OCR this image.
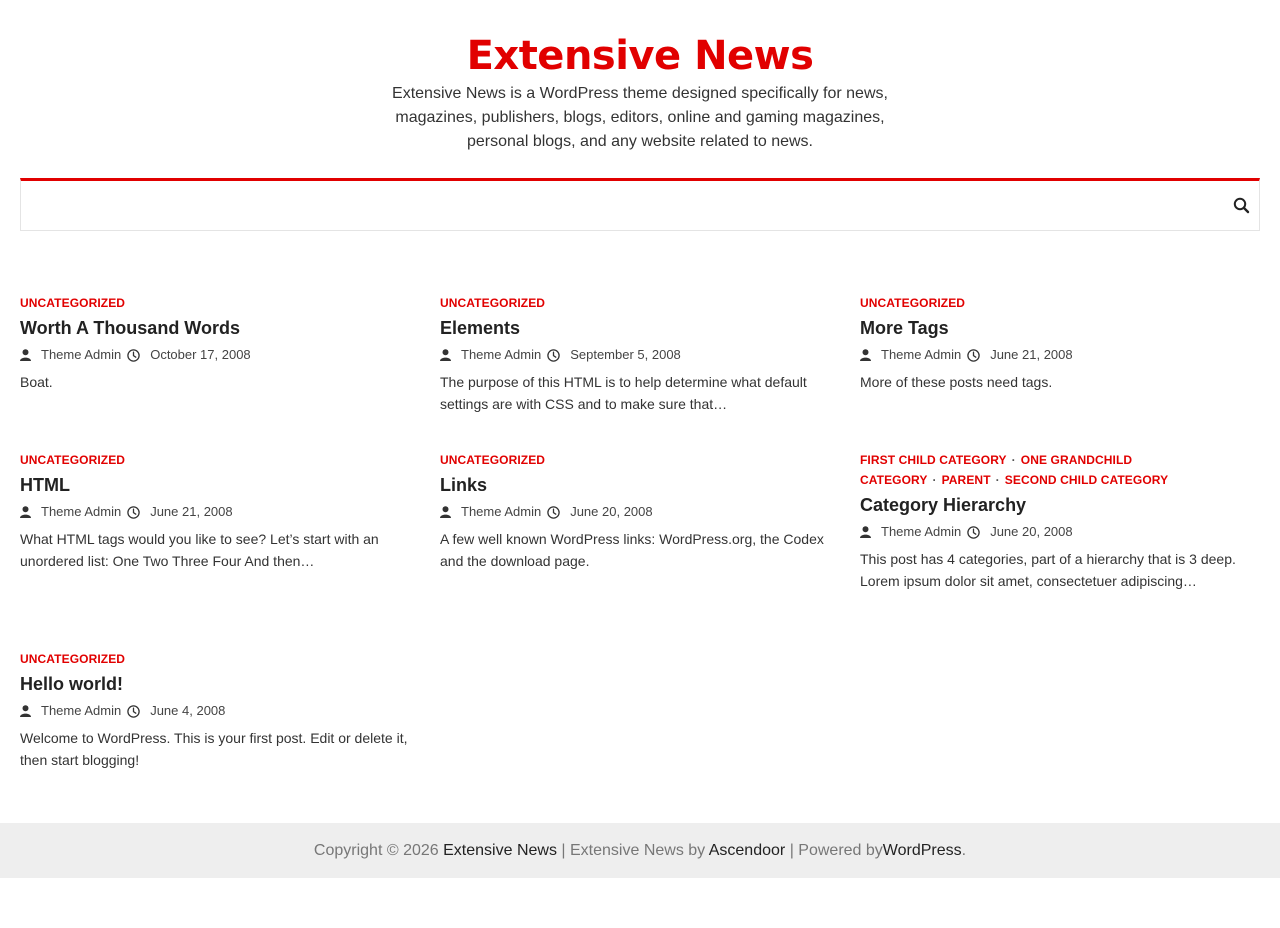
Extensive News
Extensive News is a WordPress theme designed specifically for news, magazines, publishers, blogs, editors, online and gaming magazines, personal blogs, and any website related to news.
UNCATEGORIZED
Worth A Thousand Words
Theme Admin October 17, 2008
Boat.
UNCATEGORIZED
Elements
Theme Admin September 5, 2008
The purpose of this HTML is to help determine what default settings are with CSS and to make sure that…
UNCATEGORIZED
More Tags
Theme Admin June 21, 2008
More of these posts need tags.
UNCATEGORIZED
HTML
Theme Admin June 21, 2008
What HTML tags would you like to see? Let’s start with an unordered list: One Two Three Four And then…
UNCATEGORIZED
Links
Theme Admin June 20, 2008
A few well known WordPress links: WordPress.org, the Codex and the download page.
FIRST CHILD CATEGORY · ONE GRANDCHILD CATEGORY · PARENT · SECOND CHILD CATEGORY
Category Hierarchy
Theme Admin June 20, 2008
This post has 4 categories, part of a hierarchy that is 3 deep. Lorem ipsum dolor sit amet, consectetuer adipiscing…
UNCATEGORIZED
Hello world!
Theme Admin June 4, 2008
Welcome to WordPress. This is your first post. Edit or delete it, then start blogging!
Copyright © 2026 Extensive News | Extensive News by Ascendoor | Powered byWordPress.
